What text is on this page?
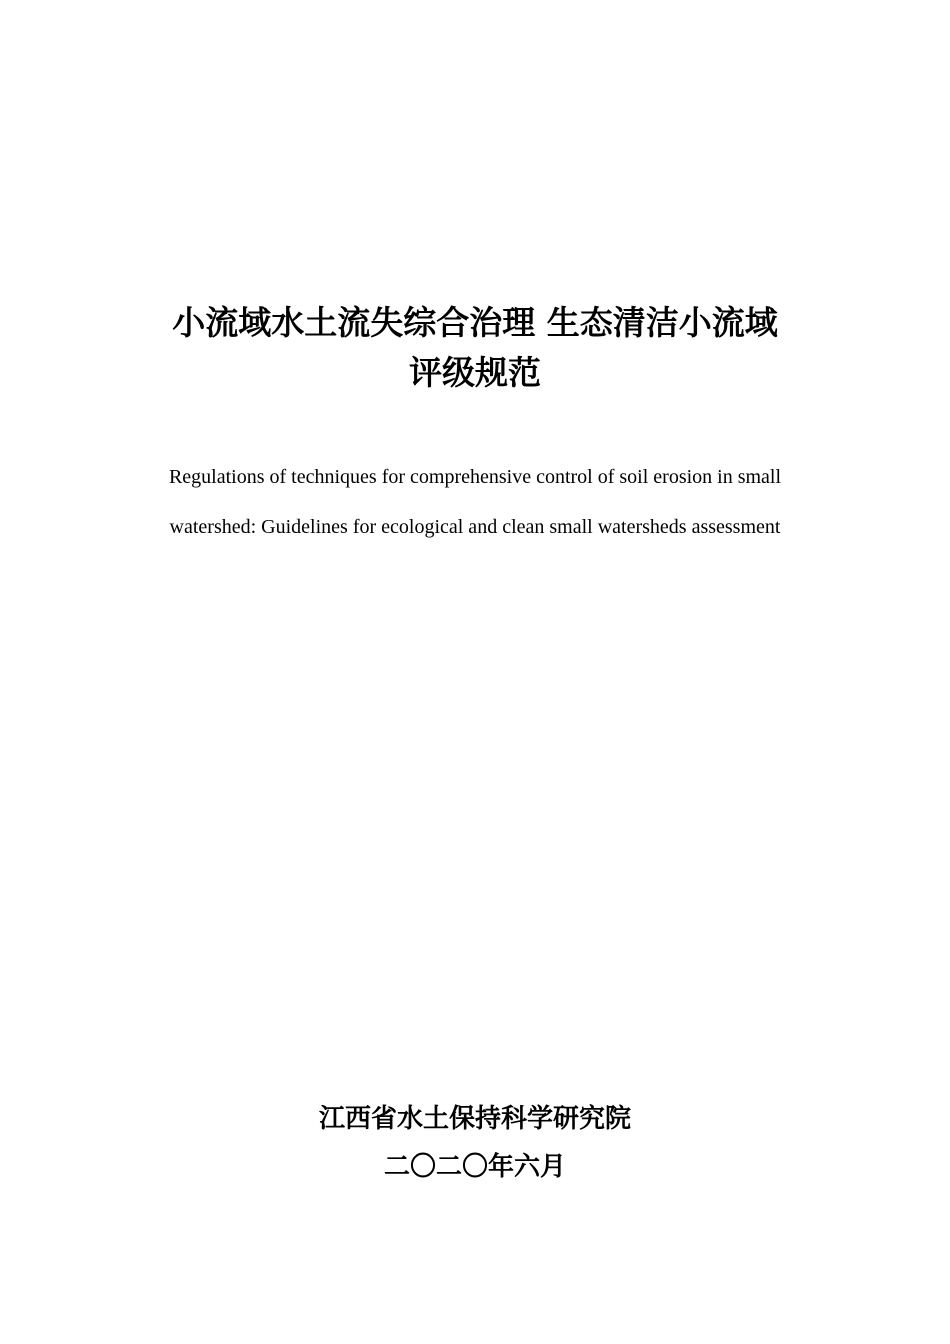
小流域水土流失综合治理 生态清洁小流域
评级规范
Regulations of techniques for comprehensive control of soil erosion in small
watershed: Guidelines for ecological and clean small watersheds assessment
江西省水土保持科学研究院
二〇二〇年六月
